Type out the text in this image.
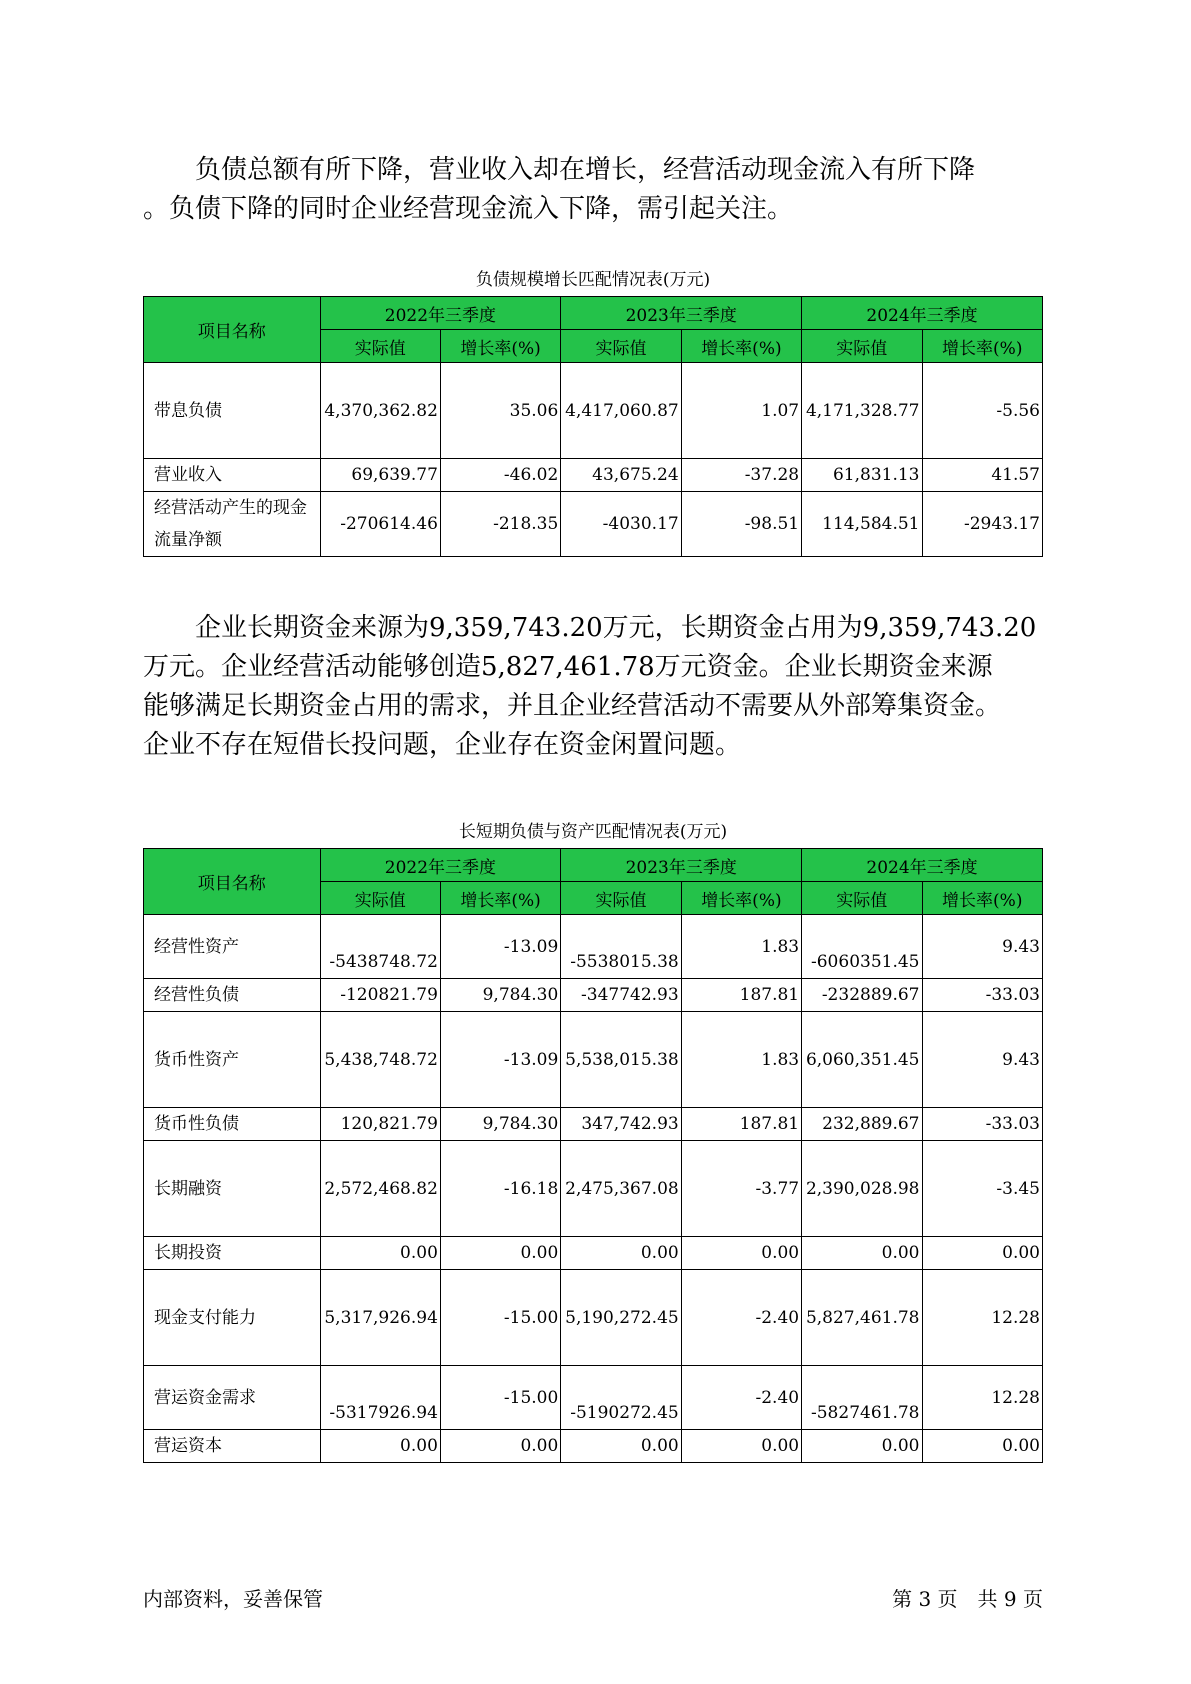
　　负债总额有所下降，营业收入却在增长，经营活动现金流入有所下降
。负债下降的同时企业经营现金流入下降，需引起关注。

负债规模增长匹配情况表(万元)
项目名称	2022年三季度		2023年三季度		2024年三季度	
	实际值	增长率(%)	实际值	增长率(%)	实际值	增长率(%)
带息负债	4,370,362.82	35.06	4,417,060.87	1.07	4,171,328.77	-5.56
营业收入	69,639.77	-46.02	43,675.24	-37.28	61,831.13	41.57
经营活动产生的现金流量净额	-270614.46	-218.35	-4030.17	-98.51	114,584.51	-2943.17

　　企业长期资金来源为9,359,743.20万元，长期资金占用为9,359,743.20
万元。企业经营活动能够创造5,827,461.78万元资金。企业长期资金来源
能够满足长期资金占用的需求，并且企业经营活动不需要从外部筹集资金。
企业不存在短借长投问题，企业存在资金闲置问题。

长短期负债与资产匹配情况表(万元)
项目名称	2022年三季度		2023年三季度		2024年三季度	
	实际值	增长率(%)	实际值	增长率(%)	实际值	增长率(%)
经营性资产	-5438748.72	-13.09	-5538015.38	1.83	-6060351.45	9.43
经营性负债	-120821.79	9,784.30	-347742.93	187.81	-232889.67	-33.03
货币性资产	5,438,748.72	-13.09	5,538,015.38	1.83	6,060,351.45	9.43
货币性负债	120,821.79	9,784.30	347,742.93	187.81	232,889.67	-33.03
长期融资	2,572,468.82	-16.18	2,475,367.08	-3.77	2,390,028.98	-3.45
长期投资	0.00	0.00	0.00	0.00	0.00	0.00
现金支付能力	5,317,926.94	-15.00	5,190,272.45	-2.40	5,827,461.78	12.28
营运资金需求	-5317926.94	-15.00	-5190272.45	-2.40	-5827461.78	12.28
营运资本	0.00	0.00	0.00	0.00	0.00	0.00
内部资料，妥善保管	第 3 页　共 9 页
